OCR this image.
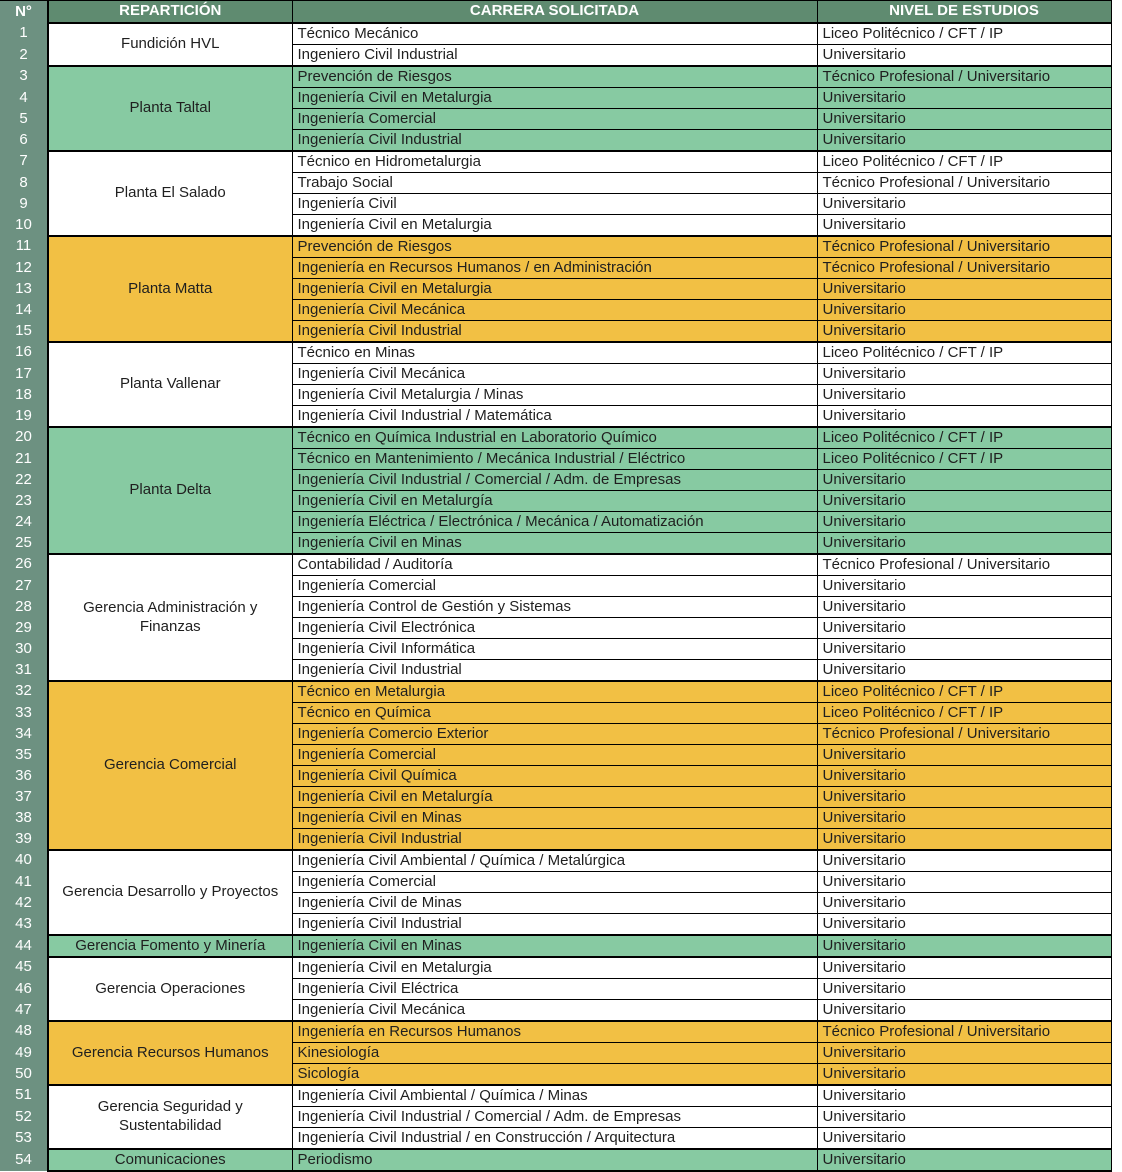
N°	REPARTICIÓN	CARRERA SOLICITADA	NIVEL DE ESTUDIOS
1	Fundición HVL	Técnico Mecánico	Liceo Politécnico / CFT / IP
2		Ingeniero Civil Industrial	Universitario
3	Planta Taltal	Prevención de Riesgos	Técnico Profesional / Universitario
4		Ingeniería Civil en Metalurgia	Universitario
5		Ingeniería Comercial	Universitario
6		Ingeniería Civil Industrial	Universitario
7	Planta El Salado	Técnico en Hidrometalurgia	Liceo Politécnico / CFT / IP
8		Trabajo Social	Técnico Profesional / Universitario
9		Ingeniería Civil	Universitario
10		Ingeniería Civil en Metalurgia	Universitario
11	Planta Matta	Prevención de Riesgos	Técnico Profesional / Universitario
12		Ingeniería en Recursos Humanos / en Administración	Técnico Profesional / Universitario
13		Ingeniería Civil en Metalurgia	Universitario
14		Ingeniería Civil Mecánica	Universitario
15		Ingeniería Civil Industrial	Universitario
16	Planta Vallenar	Técnico en Minas	Liceo Politécnico / CFT / IP
17		Ingeniería Civil Mecánica	Universitario
18		Ingeniería Civil Metalurgia / Minas	Universitario
19		Ingeniería Civil Industrial / Matemática	Universitario
20	Planta Delta	Técnico en Química Industrial en Laboratorio Químico	Liceo Politécnico / CFT / IP
21		Técnico en Mantenimiento / Mecánica Industrial / Eléctrico	Liceo Politécnico / CFT / IP
22		Ingeniería Civil Industrial / Comercial / Adm. de Empresas	Universitario
23		Ingeniería Civil en Metalurgía	Universitario
24		Ingeniería Eléctrica / Electrónica / Mecánica / Automatización	Universitario
25		Ingeniería Civil en Minas	Universitario
26	Gerencia Administración y Finanzas	Contabilidad / Auditoría	Técnico Profesional / Universitario
27		Ingeniería Comercial	Universitario
28		Ingeniería Control de Gestión y Sistemas	Universitario
29		Ingeniería Civil Electrónica	Universitario
30		Ingeniería Civil Informática	Universitario
31		Ingeniería Civil Industrial	Universitario
32	Gerencia Comercial	Técnico en Metalurgia	Liceo Politécnico / CFT / IP
33		Técnico en Química	Liceo Politécnico / CFT / IP
34		Ingeniería Comercio Exterior	Técnico Profesional / Universitario
35		Ingeniería Comercial	Universitario
36		Ingeniería Civil Química	Universitario
37		Ingeniería Civil en Metalurgía	Universitario
38		Ingeniería Civil en Minas	Universitario
39		Ingeniería Civil Industrial	Universitario
40	Gerencia Desarrollo y Proyectos	Ingeniería Civil Ambiental / Química / Metalúrgica	Universitario
41		Ingeniería Comercial	Universitario
42		Ingeniería Civil de Minas	Universitario
43		Ingeniería Civil Industrial	Universitario
44	Gerencia Fomento y Minería	Ingeniería Civil en Minas	Universitario
45	Gerencia Operaciones	Ingeniería Civil en Metalurgia	Universitario
46		Ingeniería Civil Eléctrica	Universitario
47		Ingeniería Civil Mecánica	Universitario
48	Gerencia Recursos Humanos	Ingeniería en Recursos Humanos	Técnico Profesional / Universitario
49		Kinesiología	Universitario
50		Sicología	Universitario
51	Gerencia Seguridad y Sustentabilidad	Ingeniería Civil Ambiental / Química / Minas	Universitario
52		Ingeniería Civil Industrial / Comercial / Adm. de Empresas	Universitario
53		Ingeniería Civil Industrial / en Construcción / Arquitectura	Universitario
54	Comunicaciones	Periodismo	Universitario
